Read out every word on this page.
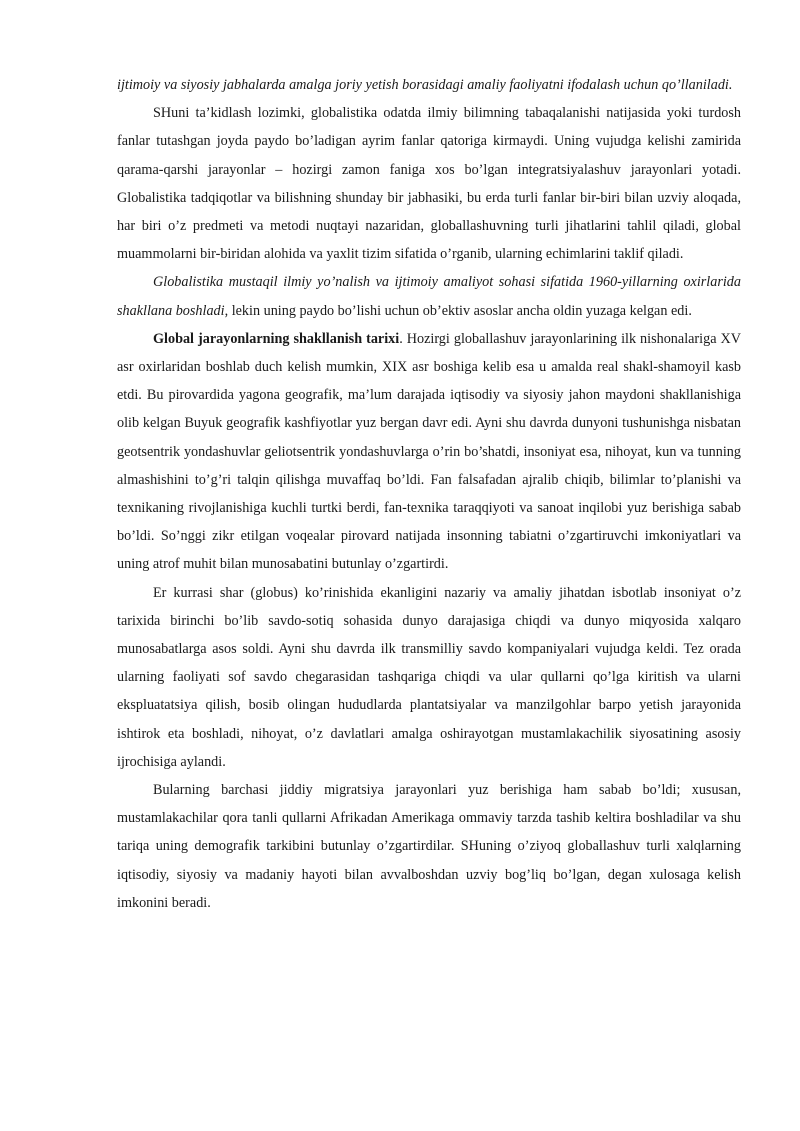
ijtimoiy va siyosiy jabhalarda amalga joriy yetish borasidagi amaliy faoliyatni ifodalash uchun qo’llaniladi.

SHuni ta’kidlash lozimki, globalistika odatda ilmiy bilimning tabaqalanishi natijasida yoki turdosh fanlar tutashgan joyda paydo bo’ladigan ayrim fanlar qatoriga kirmaydi. Uning vujudga kelishi zamirida qarama-qarshi jarayonlar – hozirgi zamon faniga xos bo’lgan integratsiyalashuv jarayonlari yotadi. Globalistika tadqiqotlar va bilishning shunday bir jabhasiki, bu erda turli fanlar bir-biri bilan uzviy aloqada, har biri o’z predmeti va metodi nuqtayi nazaridan, globallashuvning turli jihatlarini tahlil qiladi, global muammolarni bir-biridan alohida va yaxlit tizim sifatida o’rganib, ularning echimlarini taklif qiladi.

Globalistika mustaqil ilmiy yo’nalish va ijtimoiy amaliyot sohasi sifatida 1960-yillarning oxirlarida shakllana boshladi, lekin uning paydo bo’lishi uchun ob’ektiv asoslar ancha oldin yuzaga kelgan edi.

Global jarayonlarning shakllanish tarixi. Hozirgi globallashuv jarayonlarining ilk nishonalariga XV asr oxirlaridan boshlab duch kelish mumkin, XIX asr boshiga kelib esa u amalda real shakl-shamoyil kasb etdi. Bu pirovardida yagona geografik, ma’lum darajada iqtisodiy va siyosiy jahon maydoni shakllanishiga olib kelgan Buyuk geografik kashfiyotlar yuz bergan davr edi. Ayni shu davrda dunyoni tushunishga nisbatan geotsentrik yondashuvlar geliotsentrik yondashuvlarga o’rin bo’shatdi, insoniyat esa, nihoyat, kun va tunning almashishini to’g’ri talqin qilishga muvaffaq bo’ldi. Fan falsafadan ajralib chiqib, bilimlar to’planishi va texnikaning rivojlanishiga kuchli turtki berdi, fan-texnika taraqqiyoti va sanoat inqilobi yuz berishiga sabab bo’ldi. So’nggi zikr etilgan voqealar pirovard natijada insonning tabiatni o’zgartiruvchi imkoniyatlari va uning atrof muhit bilan munosabatini butunlay o’zgartirdi.

Er kurrasi shar (globus) ko’rinishida ekanligini nazariy va amaliy jihatdan isbotlab insoniyat o’z tarixida birinchi bo’lib savdo-sotiq sohasida dunyo darajasiga chiqdi va dunyo miqyosida xalqaro munosabatlarga asos soldi. Ayni shu davrda ilk transmilliy savdo kompaniyalari vujudga keldi. Tez orada ularning faoliyati sof savdo chegarasidan tashqariga chiqdi va ular qullarni qo’lga kiritish va ularni ekspluatatsiya qilish, bosib olingan hududlarda plantatsiyalar va manzilgohlar barpo yetish jarayonida ishtirok eta boshladi, nihoyat, o’z davlatlari amalga oshirayotgan mustamlakachilik siyosatining asosiy ijrochisiga aylandi.

Bularning barchasi jiddiy migratsiya jarayonlari yuz berishiga ham sabab bo’ldi; xususan, mustamlakachilar qora tanli qullarni Afrikadan Amerikaga ommaviy tarzda tashib keltira boshladilar va shu tariqa uning demografik tarkibini butunlay o’zgartirdilar. SHuning o’ziyoq globallashuv turli xalqlarning iqtisodiy, siyosiy va madaniy hayoti bilan avvalboshdan uzviy bog’liq bo’lgan, degan xulosaga kelish imkonini beradi.
